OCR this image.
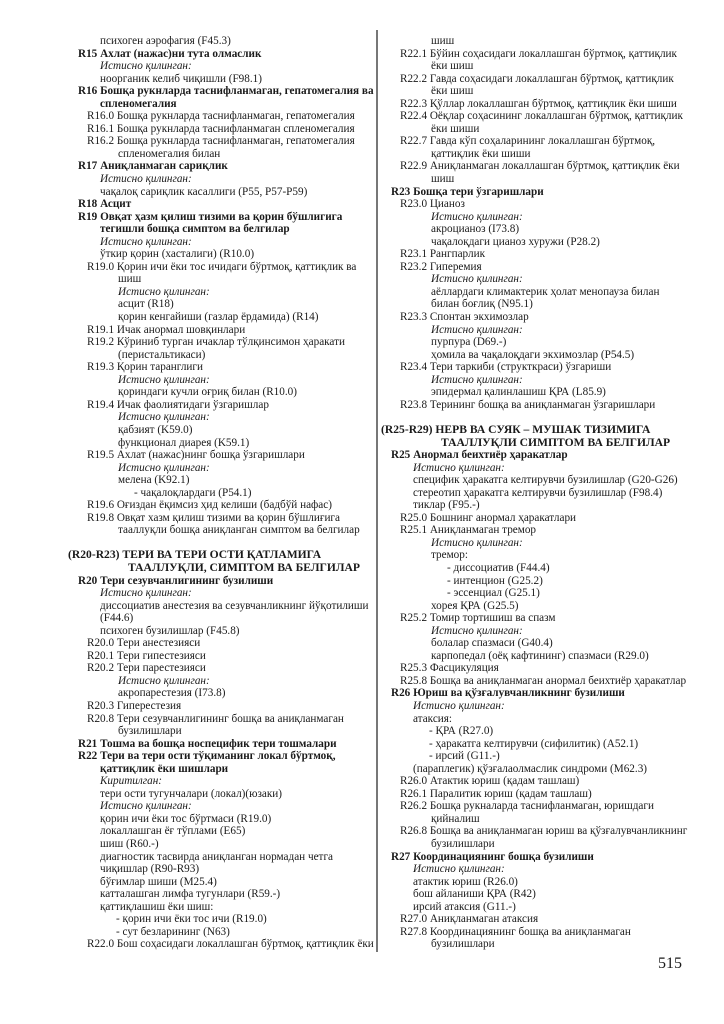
психоген аэрофагия (F45.3)
R15 Ахлат (нажас)ни тута олмаслик
Истисно қилинган:
ноорганик келиб чиқишли (F98.1)
R16 Бошқа рукнларда таснифланмаган, гепатомегалия ва
спленомегалия
R16.0 Бошқа рукнларда таснифланмаган, гепатомегалия
R16.1 Бошқа рукнларда таснифланмаган спленомегалия
R16.2 Бошқа рукнларда таснифланмаган, гепатомегалия
спленомегалия билан
R17 Аниқланмаган сариқлик
Истисно қилинган:
чақалоқ сариқлик касаллиги (P55, P57-P59)
R18 Асцит
R19 Овқат ҳазм қилиш тизими ва қорин бўшлигига
тегишли бошқа симптом ва белгилар
Истисно қилинган:
ўткир қорин (хасталиги) (R10.0)
R19.0 Қорин ичи ёки тос ичидаги бўртмоқ, қаттиқлик ва
шиш
Истисно қилинган:
асцит (R18)
қорин кенгайиши (газлар ёрдамида) (R14)
R19.1 Ичак анормал шовқинлари
R19.2 Кўриниб турган ичаклар тўлқинсимон ҳаракати
(перистальтикаси)
R19.3 Қорин таранглиги
Истисно қилинган:
қориндаги кучли оғриқ билан (R10.0)
R19.4 Ичак фаолиятидаги ўзгаришлар
Истисно қилинган:
қабзият (K59.0)
функционал диарея (K59.1)
R19.5 Ахлат (нажас)нинг бошқа ўзгаришлари
Истисно қилинган:
мелена (K92.1)
- чақалоқлардаги (P54.1)
R19.6 Оғиздан ёқимсиз ҳид келиши (бадбўй нафас)
R19.8 Овқат хазм қилиш тизими ва қорин бўшлиғига
тааллуқли бошқа аниқланган симптом ва белгилар
(R20-R23) ТЕРИ ВА ТЕРИ ОСТИ ҚАТЛАМИГА
ТААЛЛУҚЛИ, СИМПТОМ ВА БЕЛГИЛАР
R20 Тери сезувчанлигининг бузилиши
Истисно қилинган:
диссоциатив анестезия ва сезувчанликнинг йўқотилиши
(F44.6)
психоген бузилишлар (F45.8)
R20.0 Тери анестезияси
R20.1 Тери гипестезияси
R20.2 Тери парестезияси
Истисно қилинган:
акропарестезия (I73.8)
R20.3 Гиперестезия
R20.8 Тери сезувчанлигининг бошқа ва аниқланмаган
бузилишлари
R21 Тошма ва бошқа носпецифик тери тошмалари
R22 Тери ва тери ости тўқиманинг локал бўртмоқ,
қаттиқлик ёки шишлари
Киритилган:
тери ости тугунчалари (локал)(юзаки)
Истисно қилинган:
қорин ичи ёки тос бўртмаси (R19.0)
локаллашган ёғ тўплами (E65)
шиш (R60.-)
диагностик тасвирда аниқланган нормадан четга
чиқишлар (R90-R93)
бўғимлар шиши (M25.4)
катталашган лимфа тугунлари (R59.-)
қаттиқлашиш ёки шиш:
- қорин ичи ёки тос ичи (R19.0)
- сут безларининг (N63)
R22.0 Бош соҳасидаги локаллашган бўртмоқ, қаттиқлик ёки
шиш
R22.1 Бўйин соҳасидаги локаллашган бўртмоқ, қаттиқлик
ёки шиш
R22.2 Гавда соҳасидаги локаллашган бўртмоқ, қаттиқлик
ёки шиш
R22.3 Қўллар локаллашган бўртмоқ, қаттиқлик ёки шиши
R22.4 Оёқлар соҳасининг локаллашган бўртмоқ, қаттиқлик
ёки шиши
R22.7 Гавда кўп соҳаларининг локаллашган бўртмоқ,
қаттиқлик ёки шиши
R22.9 Аниқланмаган локаллашган бўртмоқ, қаттиқлик ёки
шиш
R23 Бошқа тери ўзгаришлари
R23.0 Цианоз
Истисно қилинган:
акроцианоз (I73.8)
чақалоқдаги цианоз хуружи (P28.2)
R23.1 Рангпарлик
R23.2 Гиперемия
Истисно қилинган:
аёллардаги климактерик ҳолат менопауза билан
билан боғлиқ (N95.1)
R23.3 Спонтан экхимозлар
Истисно қилинган:
пурпура (D69.-)
ҳомила ва чақалоқдаги экхимозлар (P54.5)
R23.4 Тери таркиби (структкраси) ўзгариши
Истисно қилинган:
эпидермал қалинлашиш ҚРА (L85.9)
R23.8 Терининг бошқа ва аниқланмаган ўзгаришлари
(R25-R29) НЕРВ ВА СУЯК – МУШАК ТИЗИМИГА
ТААЛЛУҚЛИ СИМПТОМ ВА БЕЛГИЛАР
R25 Анормал беихтиёр ҳаракатлар
Истисно қилинган:
специфик ҳаракатга келтирувчи бузилишлар (G20-G26)
стереотип ҳаракатга келтирувчи бузилишлар (F98.4)
тиклар (F95.-)
R25.0 Бошнинг анормал ҳаракатлари
R25.1 Аниқланмаган тремор
Истисно қилинган:
тремор:
- диссоциатив (F44.4)
- интенцион (G25.2)
- эссенциал (G25.1)
хорея ҚРА (G25.5)
R25.2 Томир тортишиш ва спазм
Истисно қилинган:
болалар спазмаси (G40.4)
карпопедал (оёқ кафтининг) спазмаси (R29.0)
R25.3 Фасцикуляция
R25.8 Бошқа ва аниқланмаган анормал беихтиёр ҳаракатлар
R26 Юриш ва қўзғалувчанликнинг бузилиши
Истисно қилинган:
атаксия:
- ҚРА (R27.0)
- ҳаракатга келтирувчи (сифилитик) (A52.1)
- ирсий (G11.-)
(параплегик) қўзғалаолмаслик синдроми (M62.3)
R26.0 Атактик юриш (қадам ташлаш)
R26.1 Паралитик юриш (қадам ташлаш)
R26.2 Бошқа рукналарда таснифланмаган, юришдаги
қийналиш
R26.8 Бошқа ва аниқланмаган юриш ва қўзғалувчанликнинг
бузилишлари
R27 Координациянинг бошқа бузилиши
Истисно қилинган:
атактик юриш (R26.0)
бош айланиши ҚРА (R42)
ирсий атаксия (G11.-)
R27.0 Аниқланмаган атаксия
R27.8 Координациянинг бошқа ва аниқланмаган
бузилишлари
515
